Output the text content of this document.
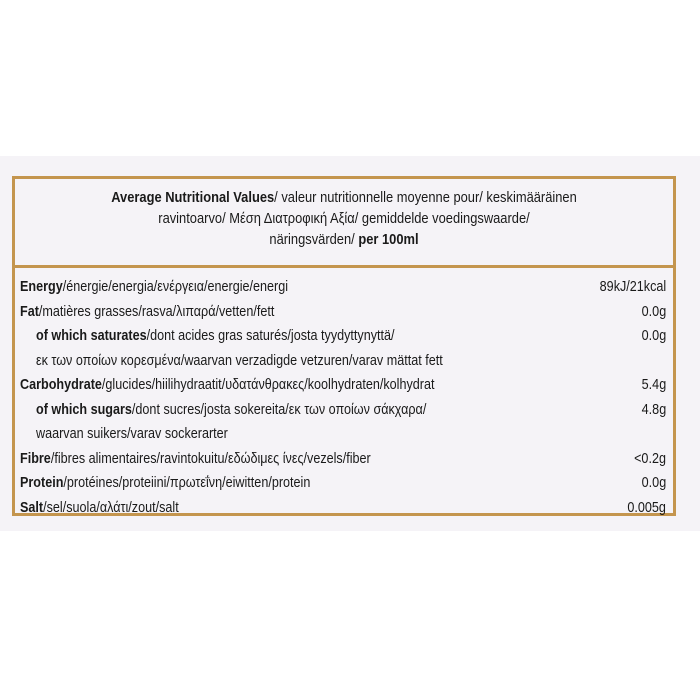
Average Nutritional Values/ valeur nutritionnelle moyenne pour/ keskimääräinen
ravintoarvo/ Μέση Διατροφική Αξία/ gemiddelde voedingswaarde/
näringsvärden/ per 100ml
Energy/énergie/energia/ενέργεια/energie/energi	89kJ/21kcal
Fat/matières grasses/rasva/λιπαρά/vetten/fett	0.0g
of which saturates/dont acides gras saturés/josta tyydyttynyttä/	0.0g
εκ των οποίων κορεσμένα/waarvan verzadigde vetzuren/varav mättat fett
Carbohydrate/glucides/hiilihydraatit/υδατάνθρακες/koolhydraten/kolhydrat	5.4g
of which sugars/dont sucres/josta sokereita/εκ των οποίων σάκχαρα/	4.8g
waarvan suikers/varav sockerarter
Fibre/fibres alimentaires/ravintokuitu/εδώδιμες ίνες/vezels/fiber	<0.2g
Protein/protéines/proteiini/πρωτεΐνη/eiwitten/protein	0.0g
Salt/sel/suola/αλάτι/zout/salt	0.005g
